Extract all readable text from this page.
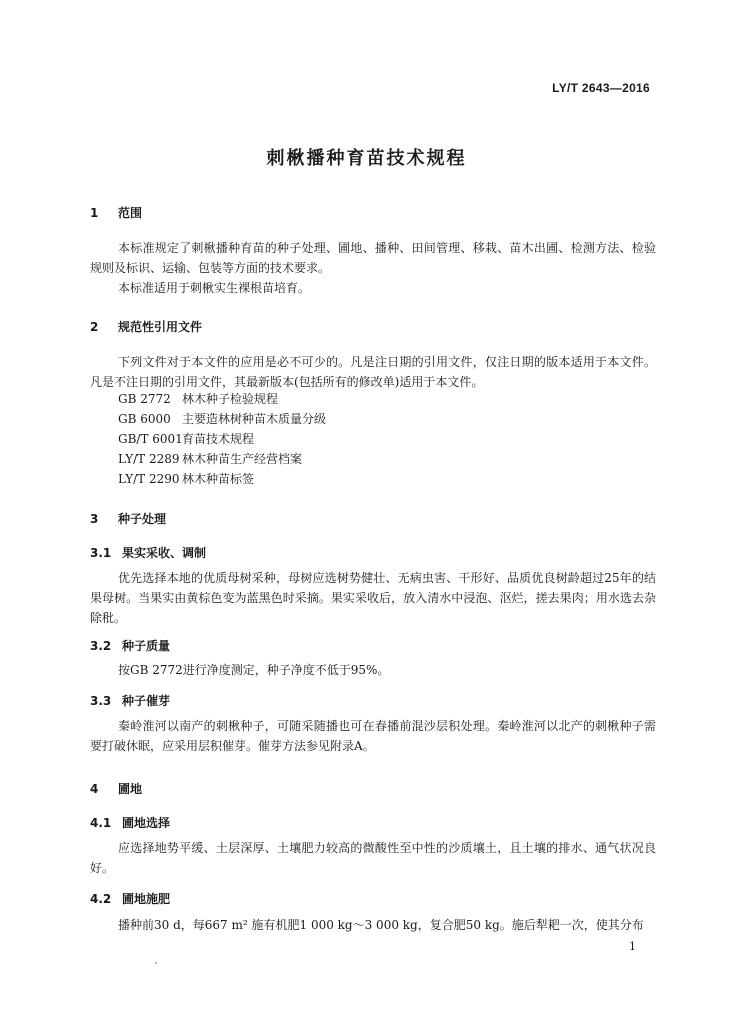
LY/T 2643—2016
刺楸播种育苗技术规程
1 范围
本标准规定了刺楸播种育苗的种子处理、圃地、播种、田间管理、移栽、苗木出圃、检测方法、检验规则及标识、运输、包装等方面的技术要求。
本标准适用于刺楸实生裸根苗培育。
2 规范性引用文件
下列文件对于本文件的应用是必不可少的。凡是注日期的引用文件，仅注日期的版本适用于本文件。凡是不注日期的引用文件，其最新版本(包括所有的修改单)适用于本文件。
GB 2772 林木种子检验规程
GB 6000 主要造林树种苗木质量分级
GB/T 6001育苗技术规程
LY/T 2289 林木种苗生产经营档案
LY/T 2290 林木种苗标签
3 种子处理
3.1 果实采收、调制
优先选择本地的优质母树采种，母树应选树势健壮、无病虫害、干形好、品质优良树龄超过25年的结果母树。当果实由黄棕色变为蓝黑色时采摘。果实采收后，放入清水中浸泡、沤烂，搓去果肉；用水选去杂除秕。
3.2 种子质量
按GB 2772进行净度测定，种子净度不低于95%。
3.3 种子催芽
秦岭淮河以南产的刺楸种子，可随采随播也可在春播前混沙层积处理。秦岭淮河以北产的刺楸种子需要打破休眠，应采用层积催芽。催芽方法参见附录A。
4 圃地
4.1 圃地选择
应选择地势平缓、土层深厚、土壤肥力较高的微酸性至中性的沙质壤土，且土壤的排水、通气状况良好。
4.2 圃地施肥
播种前30 d，每667 m² 施有机肥1 000 kg～3 000 kg，复合肥50 kg。施后犁耙一次，使其分布
1
